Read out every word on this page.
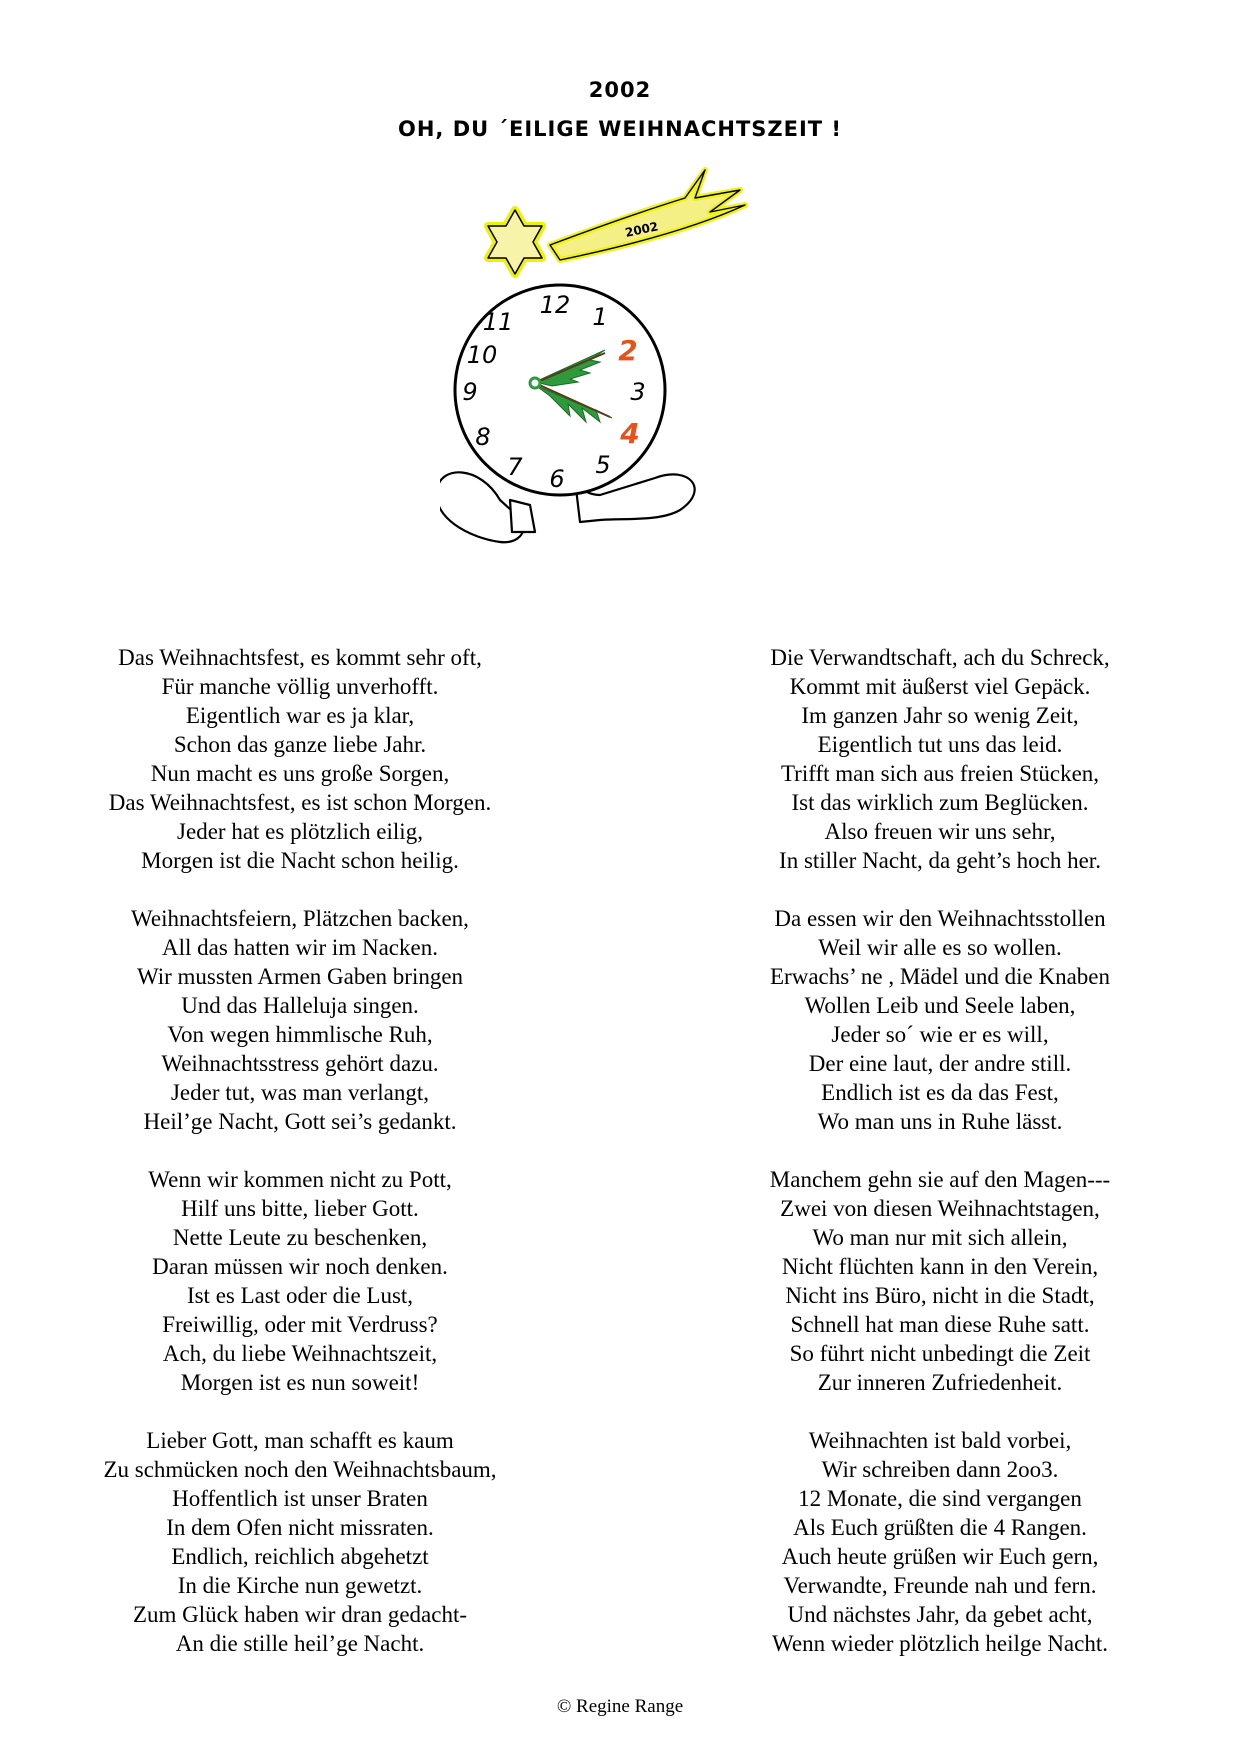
2002
OH, DU ´EILIGE WEIHNACHTSZEIT !
2002
12 1
2
3
4
5
6
7
8
9
10
11
Das Weihnachtsfest, es kommt sehr oft,
Für manche völlig unverhofft.
Eigentlich war es ja klar,
Schon das ganze liebe Jahr.
Nun macht es uns große Sorgen,
Das Weihnachtsfest, es ist schon Morgen.
Jeder hat es plötzlich eilig,
Morgen ist die Nacht schon heilig.
Weihnachtsfeiern, Plätzchen backen,
All das hatten wir im Nacken.
Wir mussten Armen Gaben bringen
Und das Halleluja singen.
Von wegen himmlische Ruh,
Weihnachtsstress gehört dazu.
Jeder tut, was man verlangt,
Heil’ge Nacht, Gott sei’s gedankt.
Wenn wir kommen nicht zu Pott,
Hilf uns bitte, lieber Gott.
Nette Leute zu beschenken,
Daran müssen wir noch denken.
Ist es Last oder die Lust,
Freiwillig, oder mit Verdruss?
Ach, du liebe Weihnachtszeit,
Morgen ist es nun soweit!
Lieber Gott, man schafft es kaum
Zu schmücken noch den Weihnachtsbaum,
Hoffentlich ist unser Braten
In dem Ofen nicht missraten.
Endlich, reichlich abgehetzt
In die Kirche nun gewetzt.
Zum Glück haben wir dran gedacht-
An die stille heil’ge Nacht.
Die Verwandtschaft, ach du Schreck,
Kommt mit äußerst viel Gepäck.
Im ganzen Jahr so wenig Zeit,
Eigentlich tut uns das leid.
Trifft man sich aus freien Stücken,
Ist das wirklich zum Beglücken.
Also freuen wir uns sehr,
In stiller Nacht, da geht’s hoch her.
Da essen wir den Weihnachtsstollen
Weil wir alle es so wollen.
Erwachs’ ne , Mädel und die Knaben
Wollen Leib und Seele laben,
Jeder so´ wie er es will,
Der eine laut, der andre still.
Endlich ist es da das Fest,
Wo man uns in Ruhe lässt.
Manchem gehn sie auf den Magen---
Zwei von diesen Weihnachtstagen,
Wo man nur mit sich allein,
Nicht flüchten kann in den Verein,
Nicht ins Büro, nicht in die Stadt,
Schnell hat man diese Ruhe satt.
So führt nicht unbedingt die Zeit
Zur inneren Zufriedenheit.
Weihnachten ist bald vorbei,
Wir schreiben dann 2oo3.
12 Monate, die sind vergangen
Als Euch grüßten die 4 Rangen.
Auch heute grüßen wir Euch gern,
Verwandte, Freunde nah und fern.
Und nächstes Jahr, da gebet acht,
Wenn wieder plötzlich heilge Nacht.
© Regine Range
